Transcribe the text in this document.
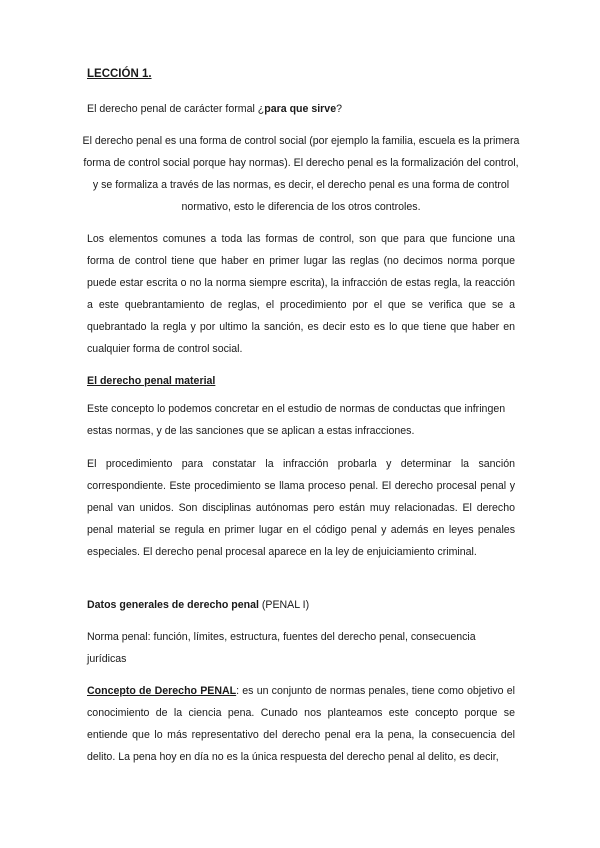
LECCIÓN 1.

El derecho penal de carácter formal ¿para que sirve?

El derecho penal es una forma de control social (por ejemplo la familia, escuela es la primera forma de control social porque hay normas). El derecho penal es la formalización del control, y se formaliza a través de las normas, es decir, el derecho penal es una forma de control normativo, esto le diferencia de los otros controles.

Los elementos comunes a toda las formas de control, son que para que funcione una forma de control tiene que haber en primer lugar las reglas (no decimos norma porque puede estar escrita o no la norma siempre escrita), la infracción de estas regla, la reacción a este quebrantamiento de reglas, el procedimiento por el que se verifica que se a quebrantado la regla y por ultimo la sanción, es decir esto es lo que tiene que haber en cualquier forma de control social.

El derecho penal material

Este concepto lo podemos concretar en el estudio de normas de conductas que infringen estas normas, y de las sanciones que se aplican a estas infracciones.

El procedimiento para constatar la infracción probarla y determinar la sanción correspondiente. Este procedimiento se llama proceso penal. El derecho procesal penal y penal van unidos. Son disciplinas autónomas pero están muy relacionadas. El derecho penal material se regula en primer lugar en el código penal y además en leyes penales especiales. El derecho penal procesal aparece en la ley de enjuiciamiento criminal.

Datos generales de derecho penal (PENAL I)

Norma penal: función, límites, estructura, fuentes del derecho penal, consecuencia jurídicas

Concepto de Derecho PENAL: es un conjunto de normas penales, tiene como objetivo el conocimiento de la ciencia pena. Cunado nos planteamos este concepto porque se entiende que lo más representativo del derecho penal era la pena, la consecuencia del delito. La pena hoy en día no es la única respuesta del derecho penal al delito, es decir,
